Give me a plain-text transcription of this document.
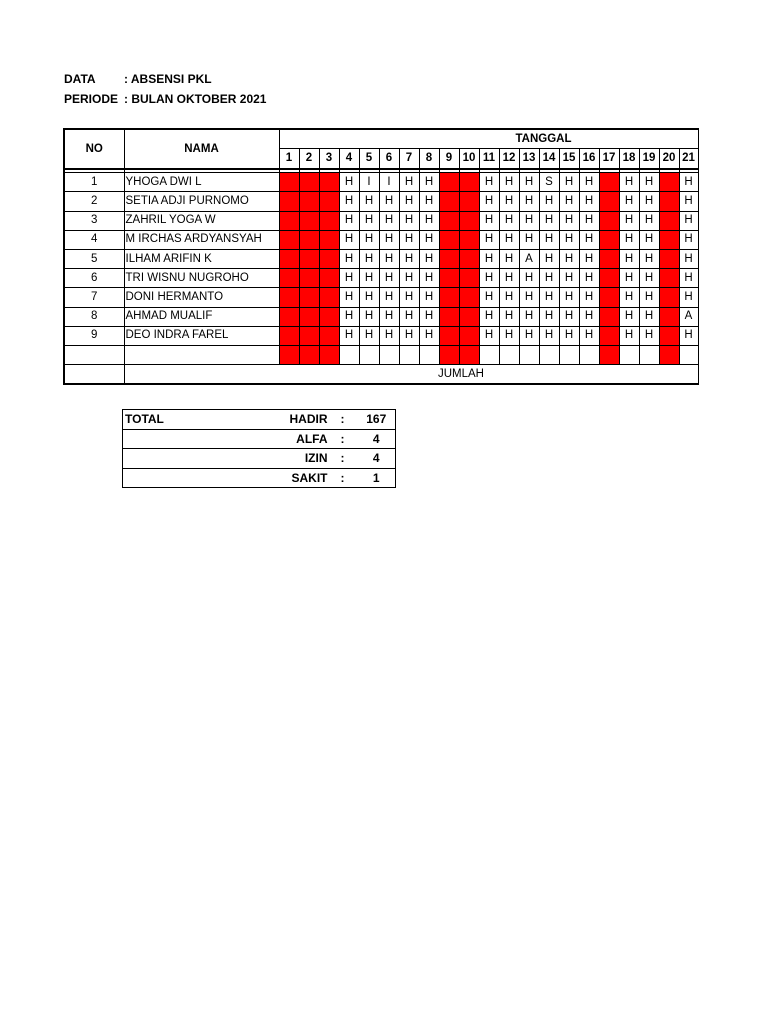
DATA : ABSENSI PKL
PERIODE : BULAN OKTOBER 2021
NO	NAMA	TANGGAL																				
		1	2	3	4	5	6	7	8	9	10	11	12	13	14	15	16	17	18	19	20	21

1	YHOGA DWI L				H	I	I	H	H			H	H	H	S	H	H		H	H		H
2	SETIA ADJI PURNOMO				H	H	H	H	H			H	H	H	H	H	H		H	H		H
3	ZAHRIL YOGA W				H	H	H	H	H			H	H	H	H	H	H		H	H		H
4	M IRCHAS ARDYANSYAH				H	H	H	H	H			H	H	H	H	H	H		H	H		H
5	ILHAM ARIFIN K				H	H	H	H	H			H	H	A	H	H	H		H	H		H
6	TRI WISNU NUGROHO				H	H	H	H	H			H	H	H	H	H	H		H	H		H
7	DONI HERMANTO				H	H	H	H	H			H	H	H	H	H	H		H	H		H
8	AHMAD MUALIF				H	H	H	H	H			H	H	H	H	H	H		H	H		A
9	DEO INDRA FAREL				H	H	H	H	H			H	H	H	H	H	H		H	H		H

	JUMLAH																					
TOTAL	HADIR	:	167
	ALFA	:	4
	IZIN	:	4
	SAKIT	:	1
